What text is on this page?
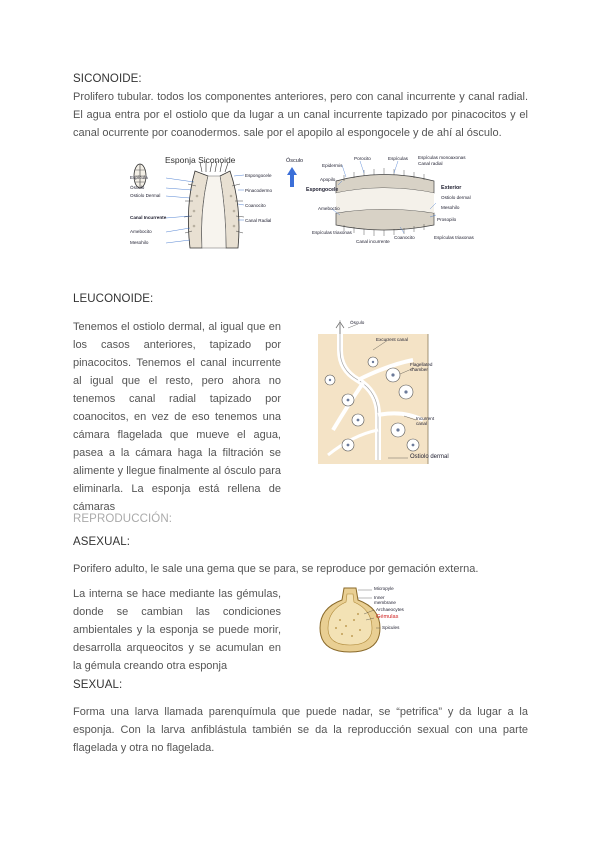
SICONOIDE:
Prolifero tubular. todos los componentes anteriores, pero con canal incurrente y canal radial. El agua entra por el ostiolo que da lugar a un canal incurrente tapizado por pinacocitos y el canal ocurrente por coanodermos. sale por el apopilo al espongocele y de ahí al ósculo.
Esponja Siconoide
Espícula
Ósculo
Ostiolo Dermal
Canal Incurrente
Amebocito
Mesohilo
Espongocele
Pinacodermo
Coanocito
Canal Radial
Ósculo
Espongocele
Epidermis
Porocito
Apopilo
Ameboctio
Espículas
Espículas triaxonas
Coanocito
Canal radial
Espículas monoaxonas
Exterior
Ostiolo dermal
Prosopilo
Mesohilo
Canal incurrente
Espículas triaxonas
LEUCONOIDE:
Tenemos el ostiolo dermal, al igual que en los casos anteriores, tapizado por pinacocitos. Tenemos el canal incurrente al igual que el resto, pero ahora no tenemos canal radial tapizado por coanocitos, en vez de eso tenemos una cámara flagelada que mueve el agua, pasea a la cámara haga la filtración se alimente y llegue finalmente al ósculo para eliminarla. La esponja está rellena de cámaras
Ósculo
Excurrent canal
Flagellated chamber
Incurrent canal
Ostiolo dermal
REPRODUCCIÓN:
ASEXUAL:
Porifero adulto, le sale una gema que se para, se reproduce por gemación externa.
La interna se hace mediante las gémulas, donde se cambian las condiciones ambientales y la esponja se puede morir, desarrolla arqueocitos y se acumulan en la gémula creando otra esponja
Micropyle
Inner membrane
Archaeocytes
Gémulas
Spicules
SEXUAL:
Forma una larva llamada parenquímula que puede nadar, se “petrifica” y da lugar a la esponja. Con la larva anfiblástula también se da la reproducción sexual con una parte flagelada y otra no flagelada.
